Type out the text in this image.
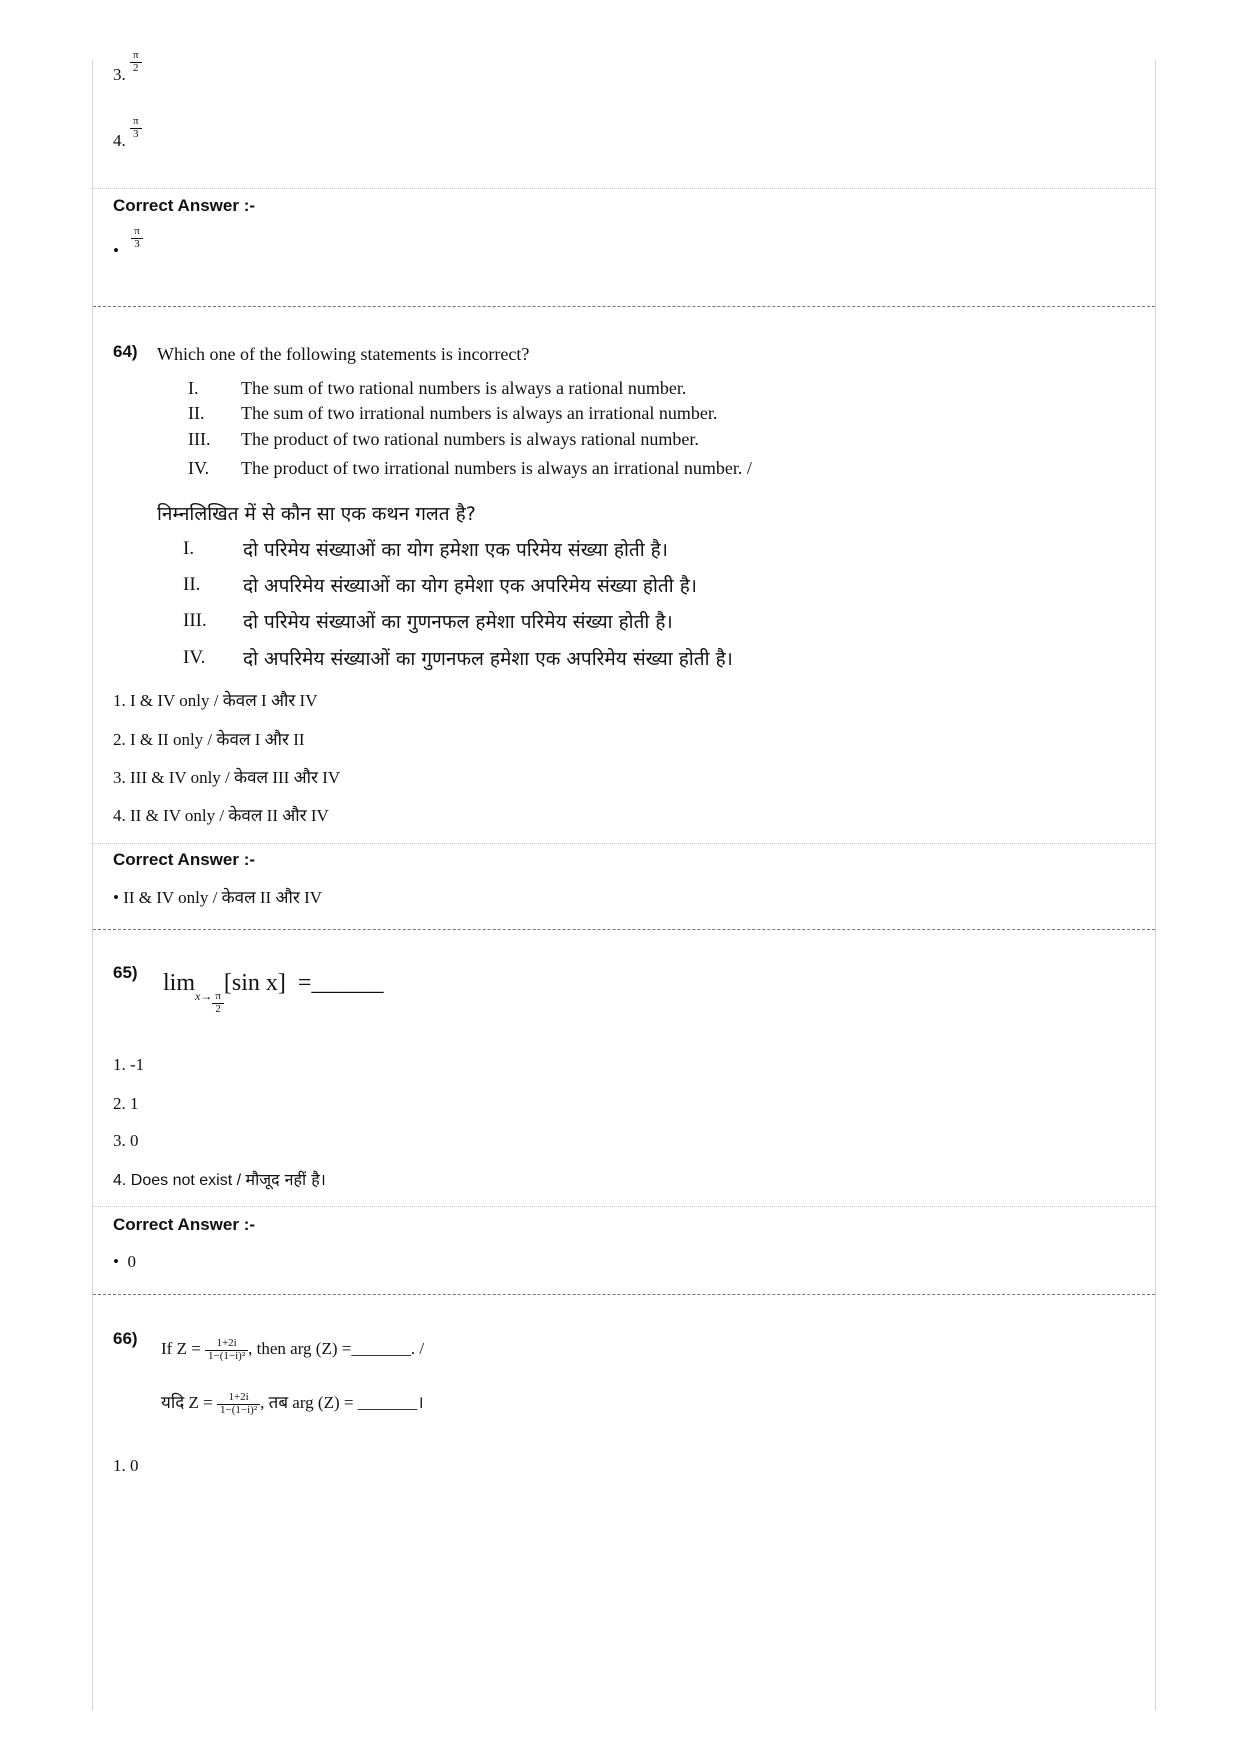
3.
$\frac{\pi}{2}$
4.
$\frac{\pi}{3}$
Correct Answer :-
•
$\frac{\pi}{3}$
64) Which one of the following statements is incorrect?
I. The sum of two rational numbers is always a rational number.
II. The sum of two irrational numbers is always an irrational number.
III. The product of two rational numbers is always rational number.
IV. The product of two irrational numbers is always an irrational number. /
निम्नलिखित में से कौन सा एक कथन गलत है?
I.	दो परिमेय संख्याओं का योग हमेशा एक परिमेय संख्या होती है।
II. दो अपरिमेय संख्याओं का योग हमेशा एक अपरिमेय संख्या होती है।
III. दो परिमेय संख्याओं का गुणनफल हमेशा परिमेय संख्या होती है।
IV. दो अपरिमेय संख्याओं का गुणनफल हमेशा एक अपरिमेय संख्या होती है।
1. I & IV only / केवल I और IV
2. I & II only / केवल I और II
3. III & IV only / केवल III और IV
4. II & IV only / केवल II और IV
Correct Answer :-
• II & IV only / केवल II और IV
65) $\lim_{x\to \frac{\pi}{2}}$
[sin x] =______
1. -1
2. 1
3. 0
4. Does not exist / मौजूद नहीं है।
Correct Answer :-
•  0
66)
If $Z = \frac{1+2i}{\text{1−(1−i)²}}$ , then arg (Z) =_______. /
यदि $Z = \frac{1+2i}{\text{1−(1−i)²}}$ , तब arg (Z) = _______।
1. 0
